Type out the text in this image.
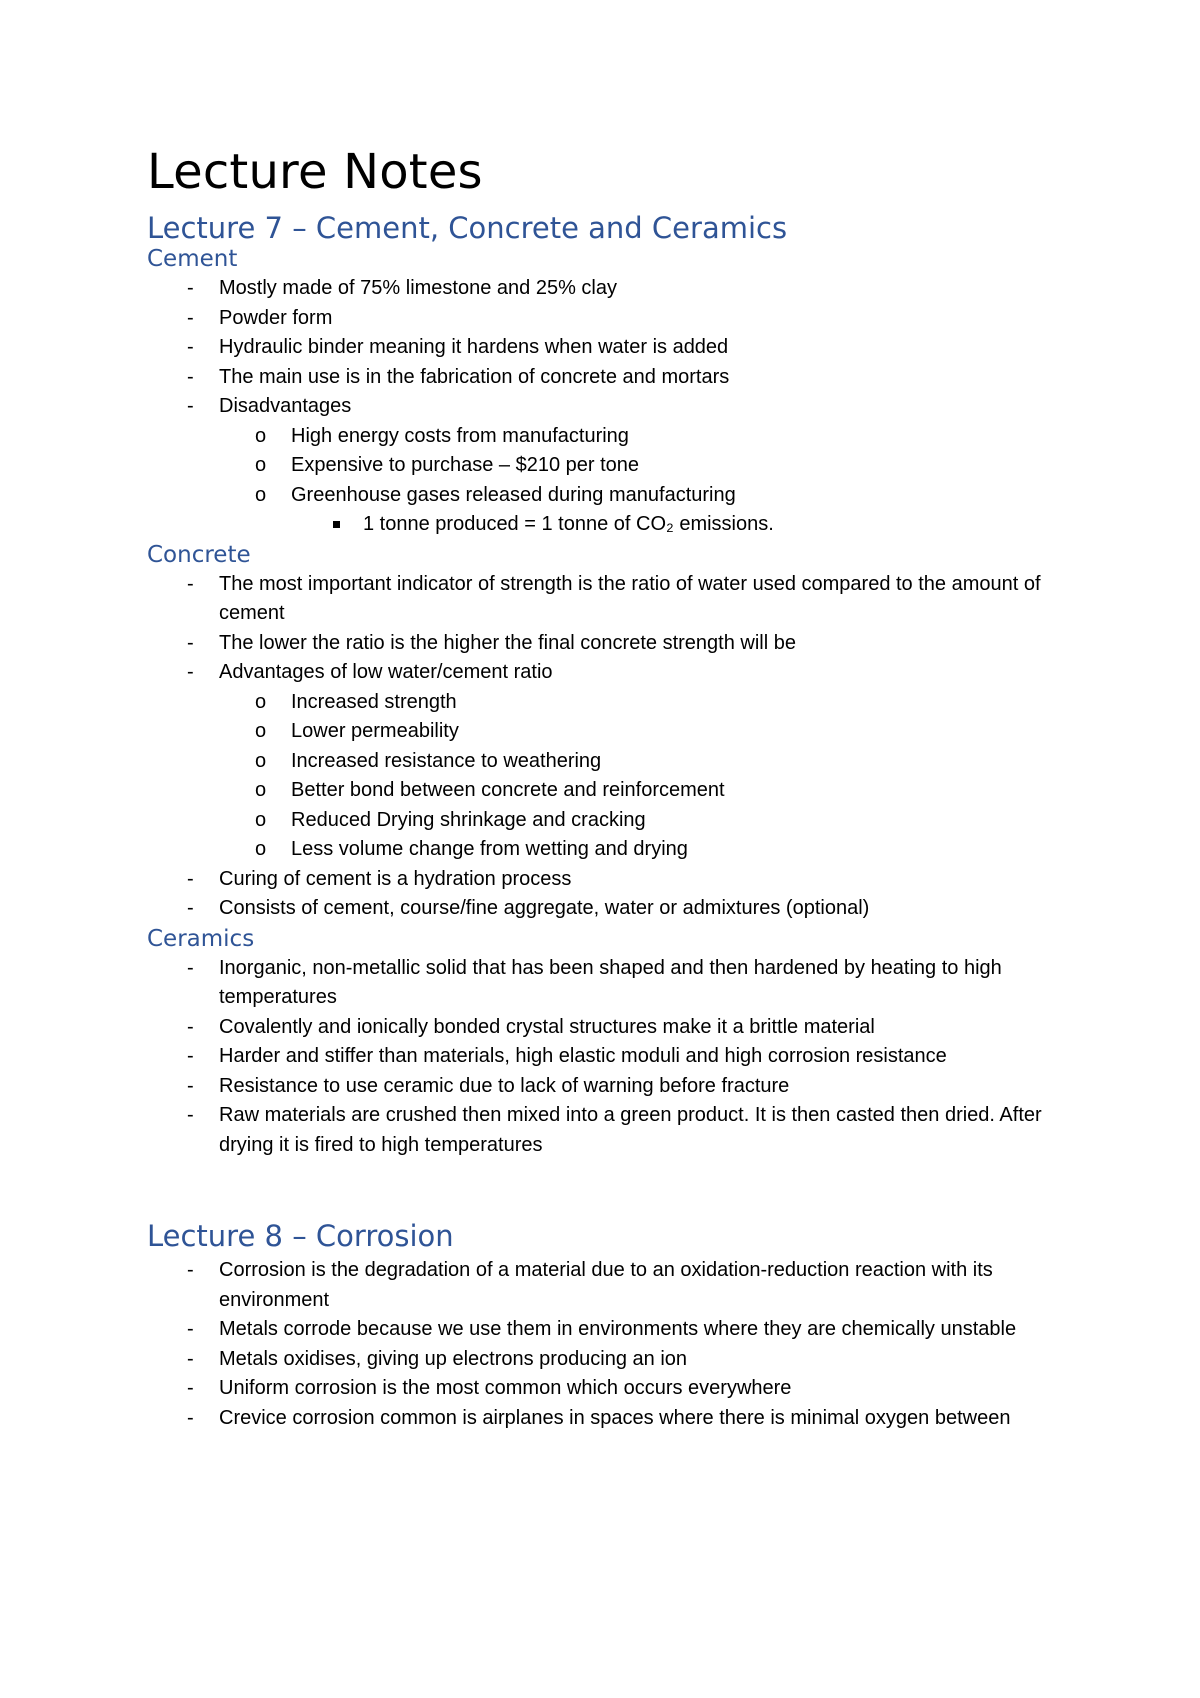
Lecture Notes
Lecture 7 – Cement, Concrete and Ceramics
Cement
- Mostly made of 75% limestone and 25% clay
- Powder form
- Hydraulic binder meaning it hardens when water is added
- The main use is in the fabrication of concrete and mortars
- Disadvantages
o High energy costs from manufacturing
o Expensive to purchase – $210 per tone
o Greenhouse gases released during manufacturing
1 tonne produced = 1 tonne of CO₂ emissions.
Concrete
- The most important indicator of strength is the ratio of water used compared to the amount of cement
- The lower the ratio is the higher the final concrete strength will be
- Advantages of low water/cement ratio
o Increased strength
o Lower permeability
o Increased resistance to weathering
o Better bond between concrete and reinforcement
o Reduced Drying shrinkage and cracking
o Less volume change from wetting and drying
- Curing of cement is a hydration process
- Consists of cement, course/fine aggregate, water or admixtures (optional)
Ceramics
- Inorganic, non-metallic solid that has been shaped and then hardened by heating to high temperatures
- Covalently and ionically bonded crystal structures make it a brittle material
- Harder and stiffer than materials, high elastic moduli and high corrosion resistance
- Resistance to use ceramic due to lack of warning before fracture
- Raw materials are crushed then mixed into a green product. It is then casted then dried. After drying it is fired to high temperatures
Lecture 8 – Corrosion
- Corrosion is the degradation of a material due to an oxidation-reduction reaction with its environment
- Metals corrode because we use them in environments where they are chemically unstable
- Metals oxidises, giving up electrons producing an ion
- Uniform corrosion is the most common which occurs everywhere
- Crevice corrosion common is airplanes in spaces where there is minimal oxygen between
